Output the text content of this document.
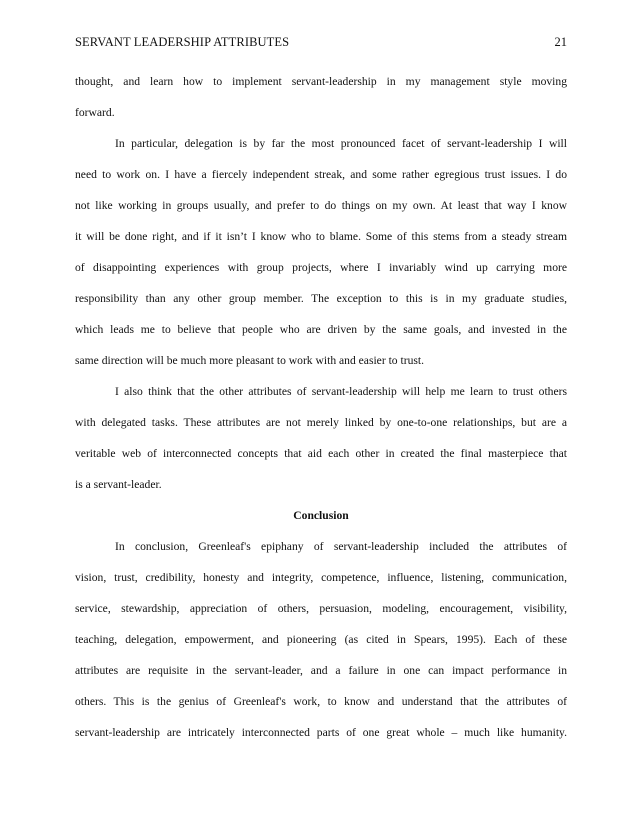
SERVANT LEADERSHIP ATTRIBUTES	21
thought, and learn how to implement servant-leadership in my management style moving
forward.
In particular, delegation is by far the most pronounced facet of servant-leadership I will
need to work on. I have a fiercely independent streak, and some rather egregious trust issues. I do
not like working in groups usually, and prefer to do things on my own. At least that way I know
it will be done right, and if it isn’t I know who to blame. Some of this stems from a steady stream
of disappointing experiences with group projects, where I invariably wind up carrying more
responsibility than any other group member. The exception to this is in my graduate studies,
which leads me to believe that people who are driven by the same goals, and invested in the
same direction will be much more pleasant to work with and easier to trust.
I also think that the other attributes of servant-leadership will help me learn to trust others
with delegated tasks. These attributes are not merely linked by one-to-one relationships, but are a
veritable web of interconnected concepts that aid each other in created the final masterpiece that
is a servant-leader.
Conclusion
In conclusion, Greenleaf's epiphany of servant-leadership included the attributes of
vision, trust, credibility, honesty and integrity, competence, influence, listening, communication,
service, stewardship, appreciation of others, persuasion, modeling, encouragement, visibility,
teaching, delegation, empowerment, and pioneering (as cited in Spears, 1995). Each of these
attributes are requisite in the servant-leader, and a failure in one can impact performance in
others. This is the genius of Greenleaf's work, to know and understand that the attributes of
servant-leadership are intricately interconnected parts of one great whole – much like humanity.
